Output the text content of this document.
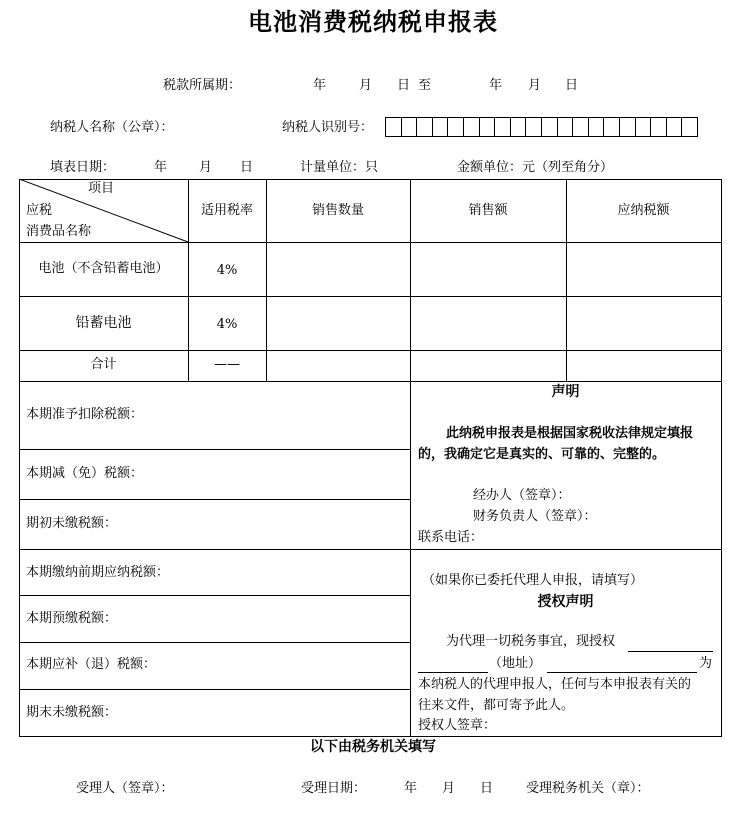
电池消费税纳税申报表
税款所属期：	年	月 日 至	年 月 日
纳税人名称（公章）：	纳税人识别号：
填表日期：	年 月 日	计量单位：只	金额单位：元（列至角分）
项目
应税
消费品名称
适用税率	销售数量	销售额	应纳税额
电池（不含铅蓄电池）	4%
铅蓄电池	4%
合计	——
本期准予扣除税额：
本期减（免）税额：
期初未缴税额：
本期缴纳前期应纳税额：
本期预缴税额：
本期应补（退）税额：
期末未缴税额：
声明
此纳税申报表是根据国家税收法律规定填报
的，我确定它是真实的、可靠的、完整的。
经办人（签章）：
财务负责人（签章）：
联系电话：
（如果你已委托代理人申报，请填写）
授权声明
为代理一切税务事宜，现授权
（地址）	为
本纳税人的代理申报人，任何与本申报表有关的
往来文件，都可寄予此人。
授权人签章：
以下由税务机关填写
受理人（签章）：	受理日期：	年 月 日	受理税务机关（章）：
